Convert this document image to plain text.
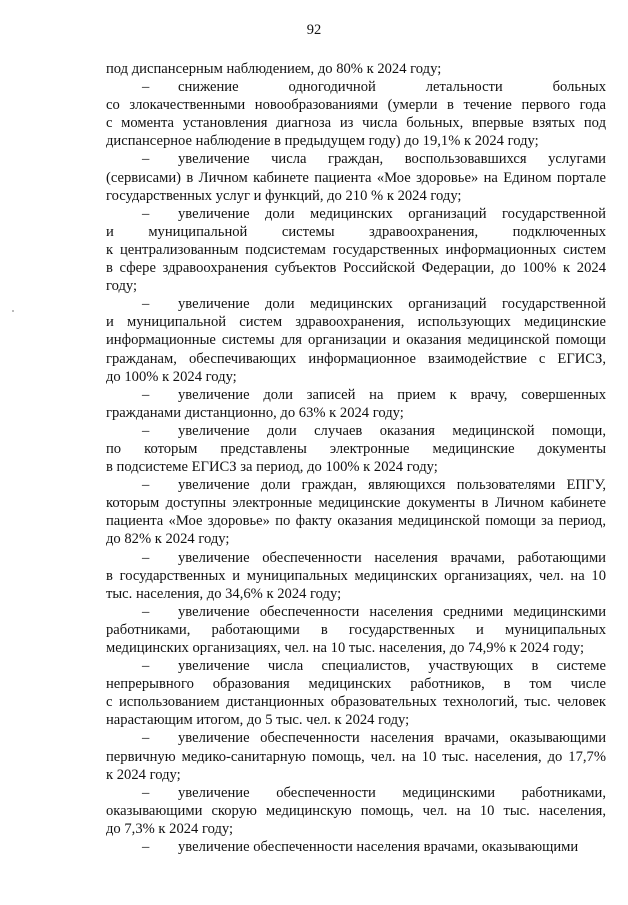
92
под диспансерным наблюдением, до 80% к 2024 году;
– снижение одногодичной летальности больных
со злокачественными новообразованиями (умерли в течение первого года
с момента установления диагноза из числа больных, впервые взятых под
диспансерное наблюдение в предыдущем году) до 19,1% к 2024 году;
– увеличение числа граждан, воспользовавшихся услугами
(сервисами) в Личном кабинете пациента «Мое здоровье» на Едином портале
государственных услуг и функций, до 210 % к 2024 году;
– увеличение доли медицинских организаций государственной
и муниципальной системы здравоохранения, подключенных
к централизованным подсистемам государственных информационных систем
в сфере здравоохранения субъектов Российской Федерации, до 100% к 2024
году;
– увеличение доли медицинских организаций государственной
и муниципальной систем здравоохранения, использующих медицинские
информационные системы для организации и оказания медицинской помощи
гражданам, обеспечивающих информационное взаимодействие с ЕГИСЗ,
до 100% к 2024 году;
– увеличение доли записей на прием к врачу, совершенных
гражданами дистанционно, до 63% к 2024 году;
– увеличение доли случаев оказания медицинской помощи,
по которым представлены электронные медицинские документы
в подсистеме ЕГИСЗ за период, до 100% к 2024 году;
– увеличение доли граждан, являющихся пользователями ЕПГУ,
которым доступны электронные медицинские документы в Личном кабинете
пациента «Мое здоровье» по факту оказания медицинской помощи за период,
до 82% к 2024 году;
– увеличение обеспеченности населения врачами, работающими
в государственных и муниципальных медицинских организациях, чел. на 10
тыс. населения, до 34,6% к 2024 году;
– увеличение обеспеченности населения средними медицинскими
работниками, работающими в государственных и муниципальных
медицинских организациях, чел. на 10 тыс. населения, до 74,9% к 2024 году;
– увеличение числа специалистов, участвующих в системе
непрерывного образования медицинских работников, в том числе
с использованием дистанционных образовательных технологий, тыс. человек
нарастающим итогом, до 5 тыс. чел. к 2024 году;
– увеличение обеспеченности населения врачами, оказывающими
первичную медико-санитарную помощь, чел. на 10 тыс. населения, до 17,7%
к 2024 году;
– увеличение обеспеченности медицинскими работниками,
оказывающими скорую медицинскую помощь, чел. на 10 тыс. населения,
до 7,3% к 2024 году;
– увеличение обеспеченности населения врачами, оказывающими
